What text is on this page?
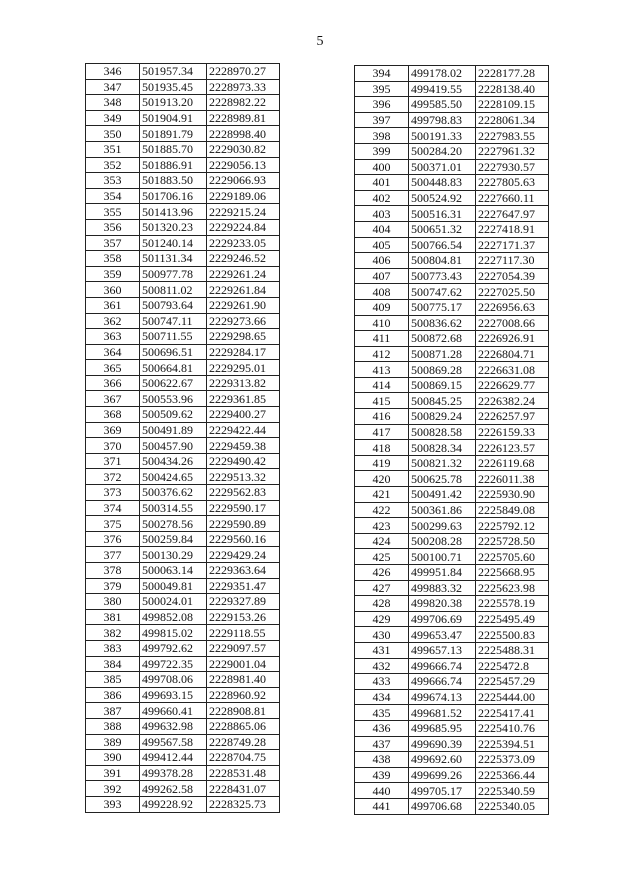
5
346	501957.34	2228970.27
347	501935.45	2228973.33
348	501913.20	2228982.22
349	501904.91	2228989.81
350	501891.79	2228998.40
351	501885.70	2229030.82
352	501886.91	2229056.13
353	501883.50	2229066.93
354	501706.16	2229189.06
355	501413.96	2229215.24
356	501320.23	2229224.84
357	501240.14	2229233.05
358	501131.34	2229246.52
359	500977.78	2229261.24
360	500811.02	2229261.84
361	500793.64	2229261.90
362	500747.11	2229273.66
363	500711.55	2229298.65
364	500696.51	2229284.17
365	500664.81	2229295.01
366	500622.67	2229313.82
367	500553.96	2229361.85
368	500509.62	2229400.27
369	500491.89	2229422.44
370	500457.90	2229459.38
371	500434.26	2229490.42
372	500424.65	2229513.32
373	500376.62	2229562.83
374	500314.55	2229590.17
375	500278.56	2229590.89
376	500259.84	2229560.16
377	500130.29	2229429.24
378	500063.14	2229363.64
379	500049.81	2229351.47
380	500024.01	2229327.89
381	499852.08	2229153.26
382	499815.02	2229118.55
383	499792.62	2229097.57
384	499722.35	2229001.04
385	499708.06	2228981.40
386	499693.15	2228960.92
387	499660.41	2228908.81
388	499632.98	2228865.06
389	499567.58	2228749.28
390	499412.44	2228704.75
391	499378.28	2228531.48
392	499262.58	2228431.07
393	499228.92	2228325.73
394	499178.02	2228177.28
395	499419.55	2228138.40
396	499585.50	2228109.15
397	499798.83	2228061.34
398	500191.33	2227983.55
399	500284.20	2227961.32
400	500371.01	2227930.57
401	500448.83	2227805.63
402	500524.92	2227660.11
403	500516.31	2227647.97
404	500651.32	2227418.91
405	500766.54	2227171.37
406	500804.81	2227117.30
407	500773.43	2227054.39
408	500747.62	2227025.50
409	500775.17	2226956.63
410	500836.62	2227008.66
411	500872.68	2226926.91
412	500871.28	2226804.71
413	500869.28	2226631.08
414	500869.15	2226629.77
415	500845.25	2226382.24
416	500829.24	2226257.97
417	500828.58	2226159.33
418	500828.34	2226123.57
419	500821.32	2226119.68
420	500625.78	2226011.38
421	500491.42	2225930.90
422	500361.86	2225849.08
423	500299.63	2225792.12
424	500208.28	2225728.50
425	500100.71	2225705.60
426	499951.84	2225668.95
427	499883.32	2225623.98
428	499820.38	2225578.19
429	499706.69	2225495.49
430	499653.47	2225500.83
431	499657.13	2225488.31
432	499666.74	2225472.8
433	499666.74	2225457.29
434	499674.13	2225444.00
435	499681.52	2225417.41
436	499685.95	2225410.76
437	499690.39	2225394.51
438	499692.60	2225373.09
439	499699.26	2225366.44
440	499705.17	2225340.59
441	499706.68	2225340.05
